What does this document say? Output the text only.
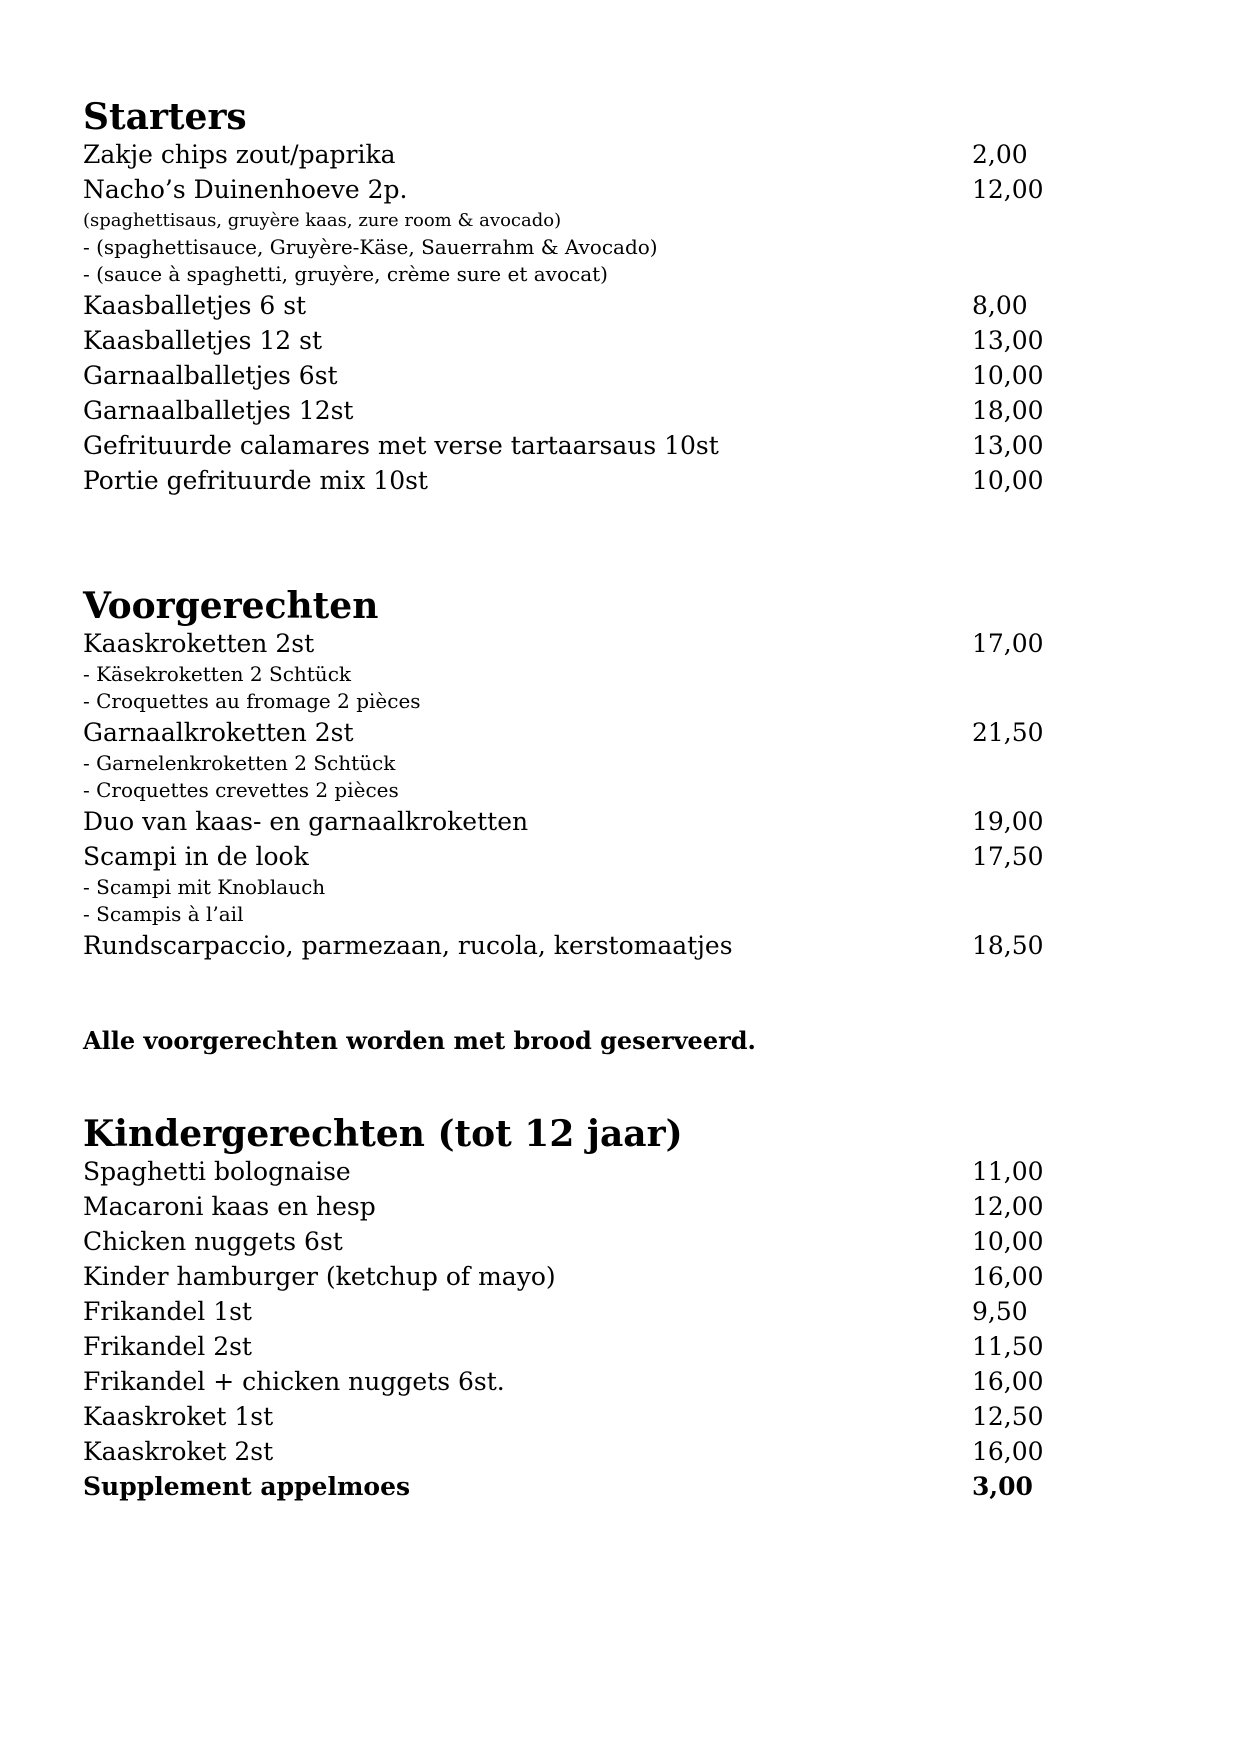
Starters
Zakje chips zout/paprika	2,00
Nacho’s Duinenhoeve 2p.	12,00
(spaghettisaus, gruyère kaas, zure room & avocado)
- (spaghettisauce, Gruyère-Käse, Sauerrahm & Avocado)
- (sauce à spaghetti, gruyère, crème sure et avocat)
Kaasballetjes 6 st	8,00
Kaasballetjes 12 st	13,00
Garnaalballetjes 6st	10,00
Garnaalballetjes 12st	18,00
Gefrituurde calamares met verse tartaarsaus 10st	13,00
Portie gefrituurde mix 10st	10,00
Voorgerechten
Kaaskroketten 2st	17,00
- Käsekroketten 2 Schtück
- Croquettes au fromage 2 pièces
Garnaalkroketten 2st	21,50
- Garnelenkroketten 2 Schtück
- Croquettes crevettes 2 pièces
Duo van kaas- en garnaalkroketten	19,00
Scampi in de look	17,50
- Scampi mit Knoblauch
- Scampis à l’ail
Rundscarpaccio, parmezaan, rucola, kerstomaatjes	18,50
Alle voorgerechten worden met brood geserveerd.
Kindergerechten (tot 12 jaar)
Spaghetti bolognaise	11,00
Macaroni kaas en hesp	12,00
Chicken nuggets 6st	10,00
Kinder hamburger (ketchup of mayo)	16,00
Frikandel 1st	9,50
Frikandel 2st	11,50
Frikandel + chicken nuggets 6st.	16,00
Kaaskroket 1st	12,50
Kaaskroket 2st	16,00
Supplement appelmoes	3,00
